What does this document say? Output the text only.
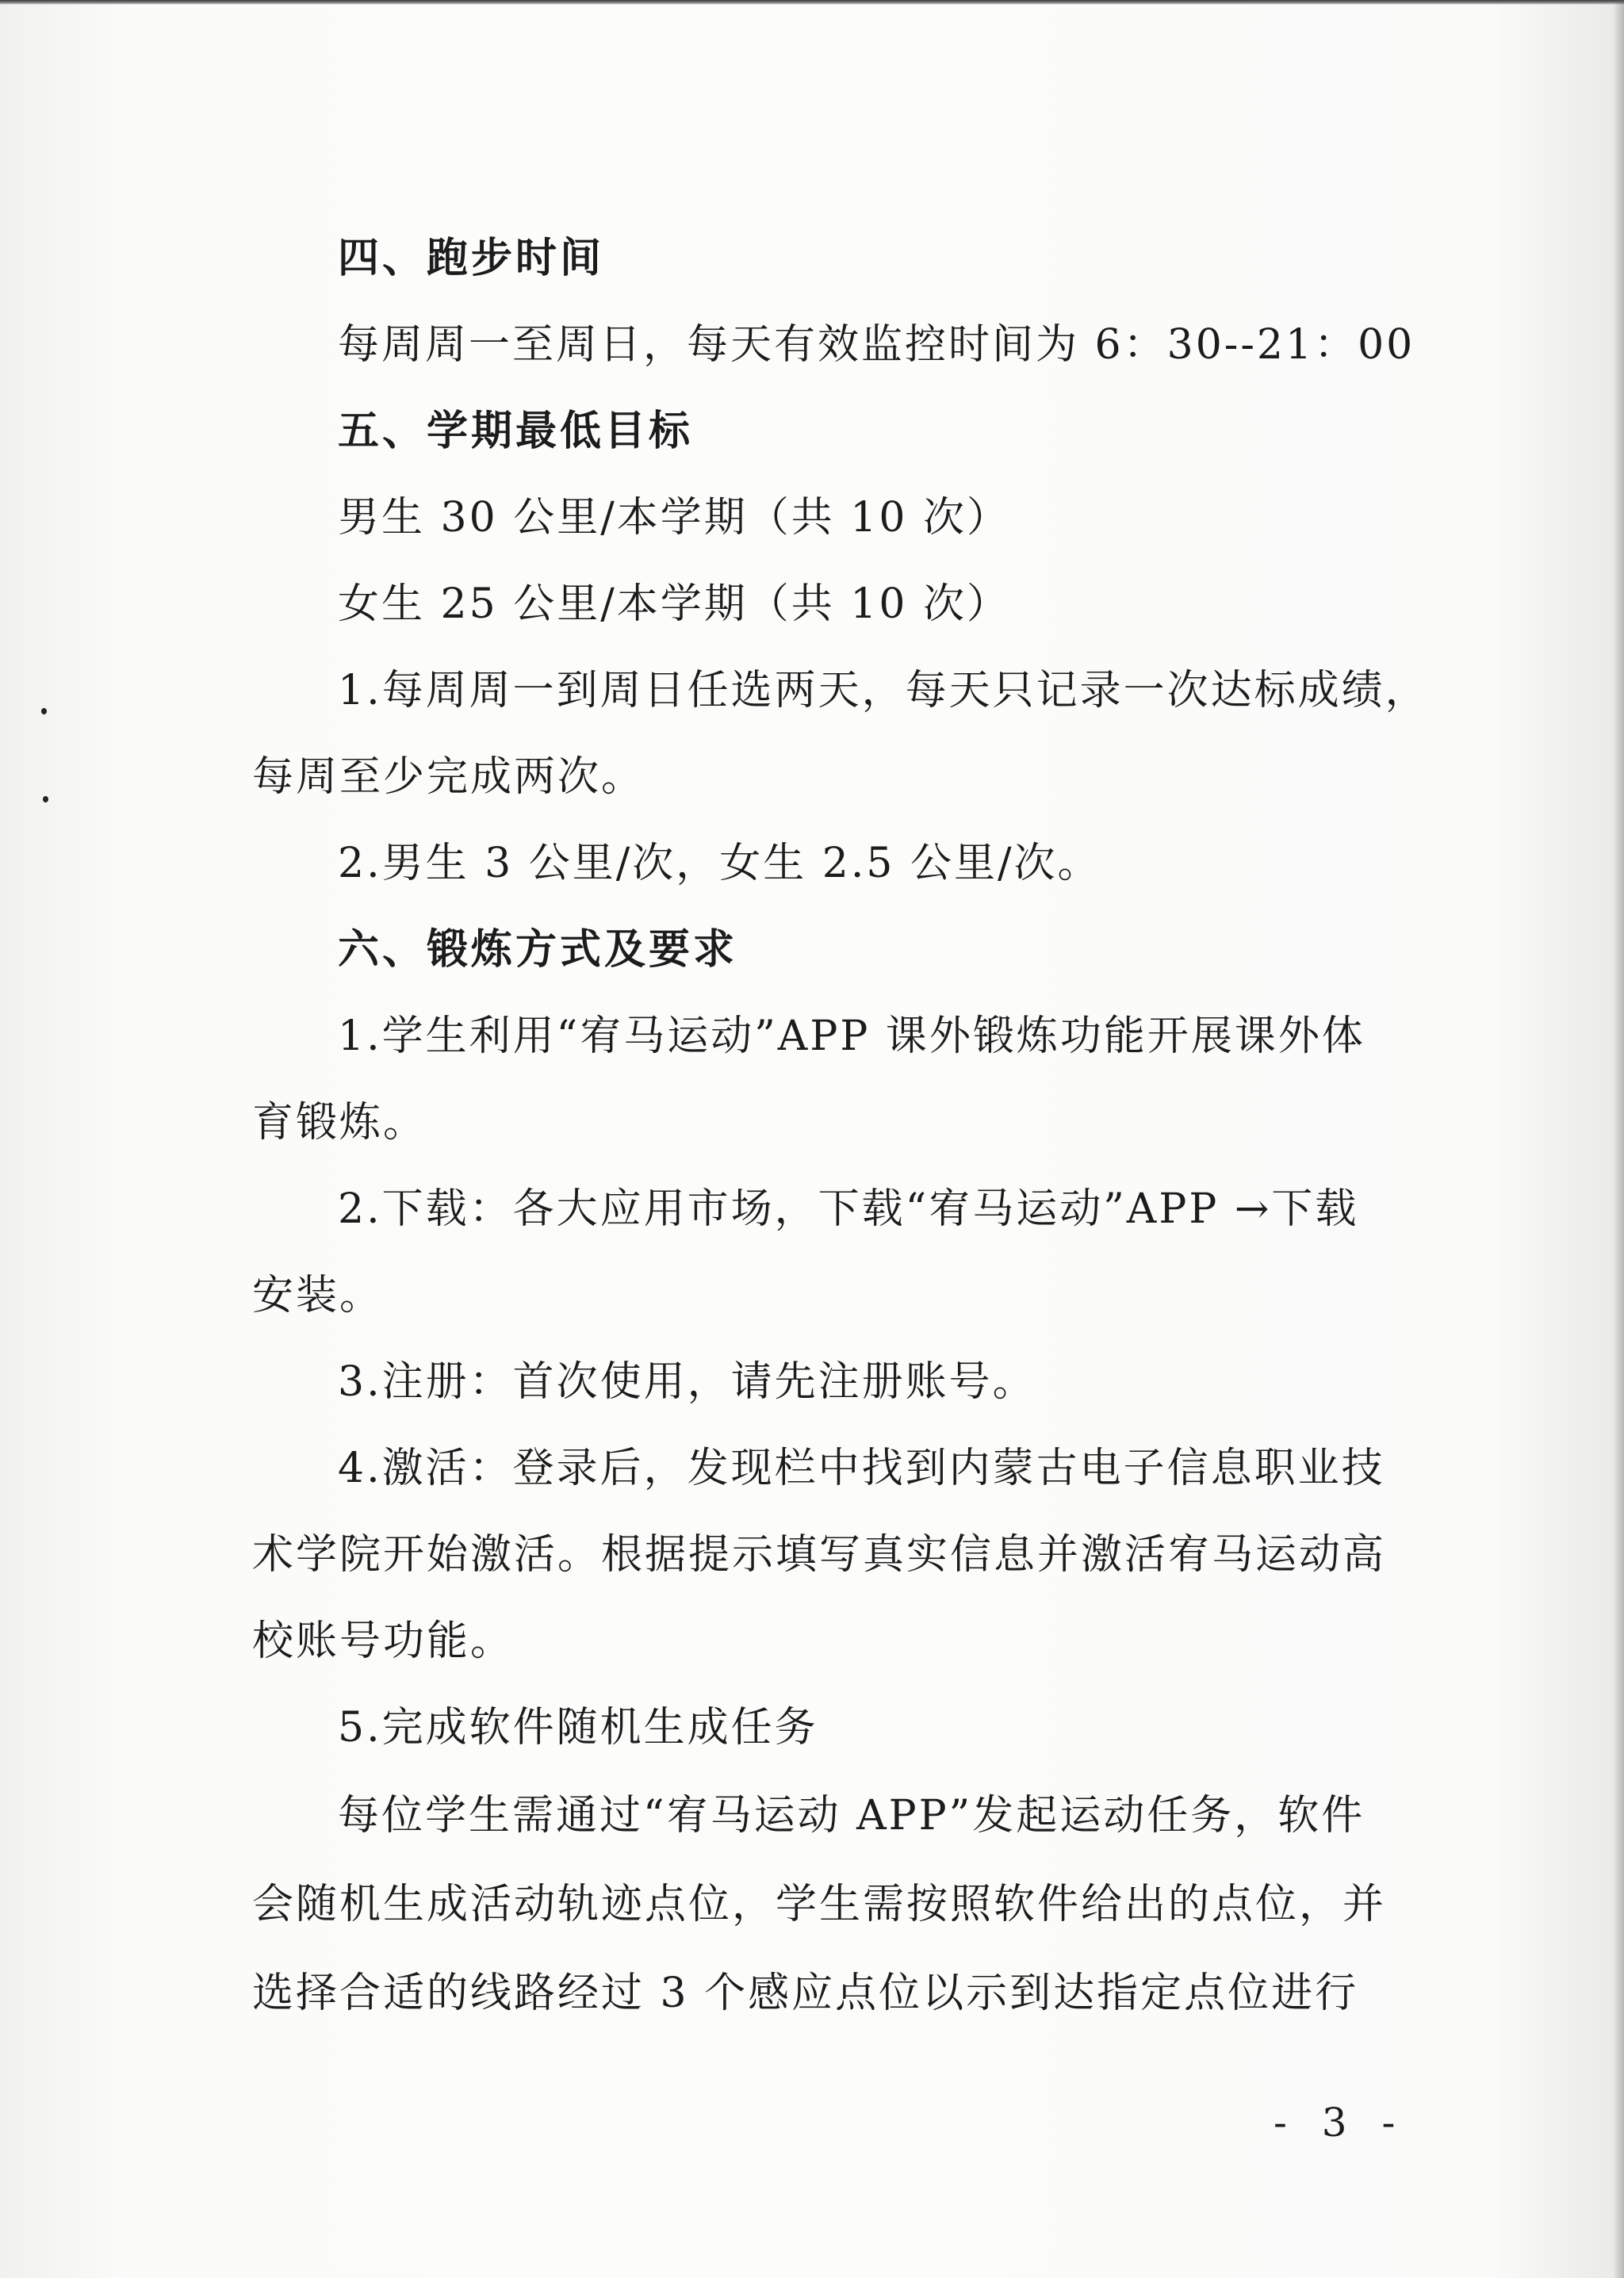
四、跑步时间
每周周一至周日，每天有效监控时间为 6：30--21：00
五、学期最低目标
男生 30 公里/本学期（共 10 次）
女生 25 公里/本学期（共 10 次）
1.每周周一到周日任选两天，每天只记录一次达标成绩，
每周至少完成两次。
2.男生 3 公里/次，女生 2.5 公里/次。
六、锻炼方式及要求
1.学生利用“宥马运动”APP 课外锻炼功能开展课外体
育锻炼。
2.下载：各大应用市场，下载“宥马运动”APP →下载
安装。
3.注册：首次使用，请先注册账号。
4.激活：登录后，发现栏中找到内蒙古电子信息职业技
术学院开始激活。根据提示填写真实信息并激活宥马运动高
校账号功能。
5.完成软件随机生成任务
每位学生需通过“宥马运动 APP”发起运动任务，软件
会随机生成活动轨迹点位，学生需按照软件给出的点位，并
选择合适的线路经过 3 个感应点位以示到达指定点位进行
- 3 -
